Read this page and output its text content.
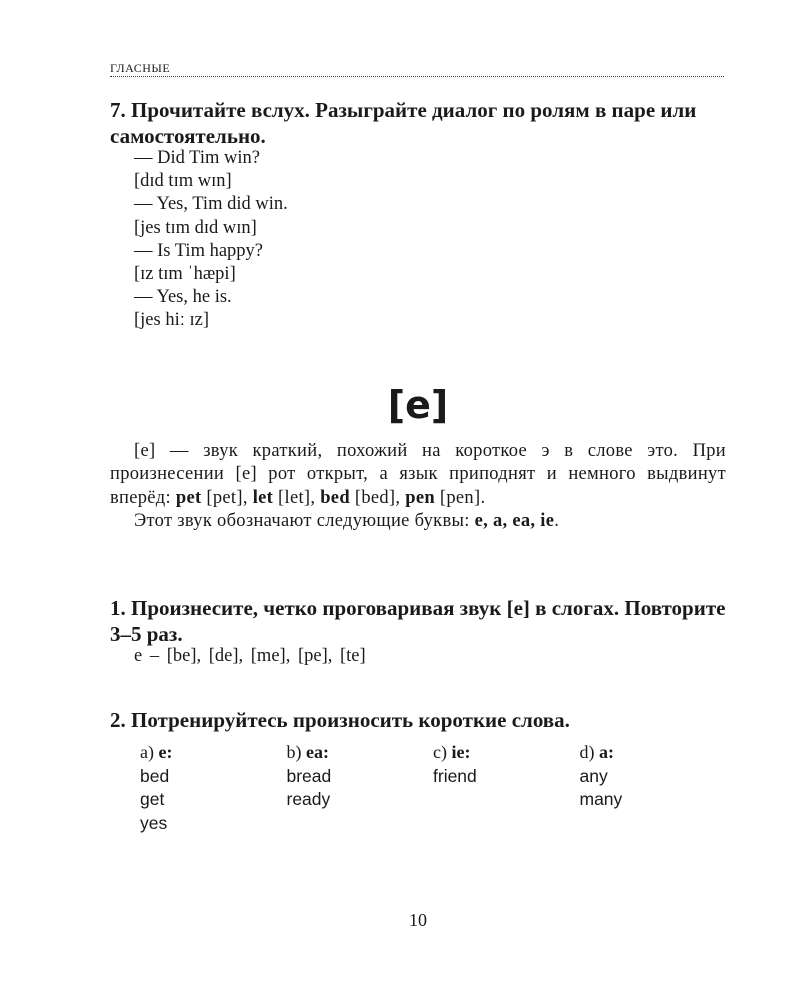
ГЛАСНЫЕ
7. Прочитайте вслух. Разыграйте диалог по ролям в паре или самостоятельно.
— Did Tim win?
[dɪd tɪm wɪn]
— Yes, Tim did win.
[jes tɪm dɪd wɪn]
— Is Tim happy?
[ɪz tɪm ˈhæpi]
— Yes, he is.
[jes hiː ɪz]
[e]

[e] — звук краткий, похожий на короткое э в слове это. При произнесении [e] рот открыт, а язык приподнят и немного выдвинут вперёд: pet [pet], let [let], bed [bed], pen [pen].

Этот звук обозначают следующие буквы: e, a, ea, ie.

1. Произнесите, четко проговаривая звук [e] в слогах. Повторите 3–5 раз.
e – [be], [de], [me], [pe], [te]
2. Потренируйтесь произносить короткие слова.
a) e:
bed
get
yes
b) ea:
bread
ready
c) ie:
friend
d) a:
any
many
10
